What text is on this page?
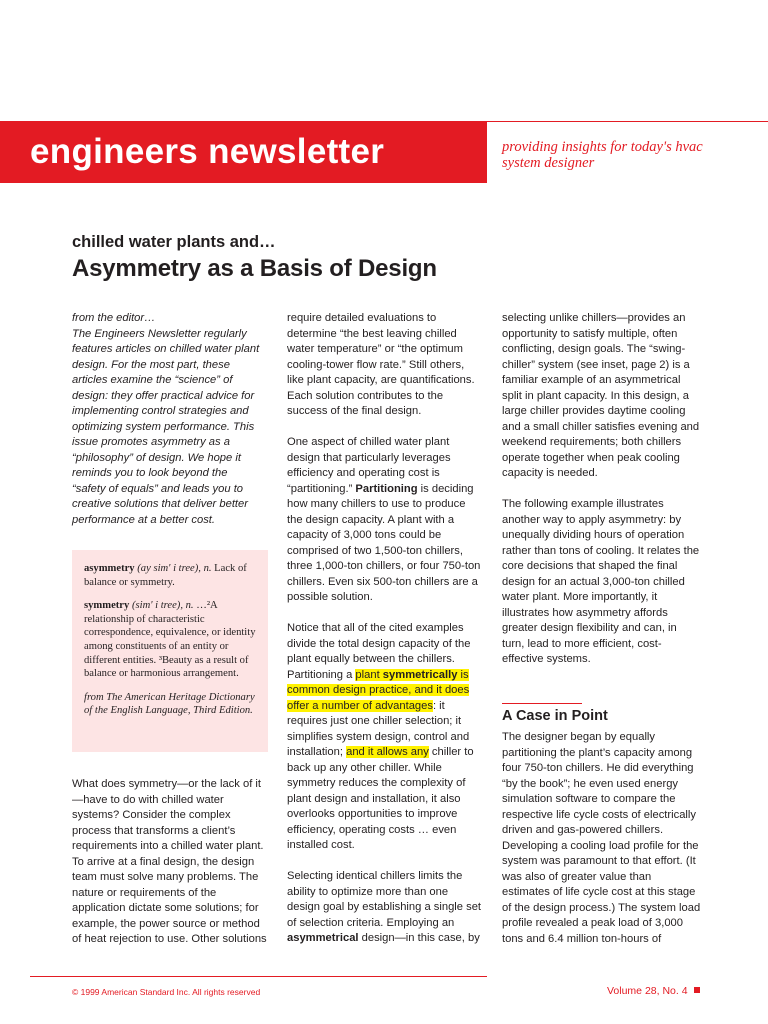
engineers newsletter	providing insights for today's hvac system designer
chilled water plants and…
Asymmetry as a Basis of Design
from the editor…
The Engineers Newsletter regularly features articles on chilled water plant design. For the most part, these articles examine the “science” of design: they offer practical advice for implementing control strategies and optimizing system performance. This issue promotes asymmetry as a “philosophy” of design. We hope it reminds you to look beyond the “safety of equals” and leads you to creative solutions that deliver better performance at a better cost.

asymmetry (ay sim' i tree), n. Lack of balance or symmetry.

symmetry (sim' i tree), n. …²A relationship of characteristic correspondence, equivalence, or identity among constituents of an entity or different entities. ³Beauty as a result of balance or harmonious arrangement.

from The American Heritage Dictionary of the English Language, Third Edition.

What does symmetry—or the lack of it—have to do with chilled water systems? Consider the complex process that transforms a client’s requirements into a chilled water plant. To arrive at a final design, the design team must solve many problems. The nature or requirements of the application dictate some solutions; for example, the power source or method of heat rejection to use. Other solutions

require detailed evaluations to determine “the best leaving chilled water temperature” or “the optimum cooling-tower flow rate.” Still others, like plant capacity, are quantifications. Each solution contributes to the success of the final design.

One aspect of chilled water plant design that particularly leverages efficiency and operating cost is “partitioning.” Partitioning is deciding how many chillers to use to produce the design capacity. A plant with a capacity of 3,000 tons could be comprised of two 1,500-ton chillers, three 1,000-ton chillers, or four 750-ton chillers. Even six 500-ton chillers are a possible solution.

Notice that all of the cited examples divide the total design capacity of the plant equally between the chillers. Partitioning a plant symmetrically is common design practice, and it does offer a number of advantages: it requires just one chiller selection; it simplifies system design, control and installation; and it allows any chiller to back up any other chiller. While symmetry reduces the complexity of plant design and installation, it also overlooks opportunities to improve efficiency, operating costs … even installed cost.

Selecting identical chillers limits the ability to optimize more than one design goal by establishing a single set of selection criteria. Employing an asymmetrical design—in this case, by

selecting unlike chillers—provides an opportunity to satisfy multiple, often conflicting, design goals. The “swing-chiller” system (see inset, page 2) is a familiar example of an asymmetrical split in plant capacity. In this design, a large chiller provides daytime cooling and a small chiller satisfies evening and weekend requirements; both chillers operate together when peak cooling capacity is needed.

The following example illustrates another way to apply asymmetry: by unequally dividing hours of operation rather than tons of cooling. It relates the core decisions that shaped the final design for an actual 3,000-ton chilled water plant. More importantly, it illustrates how asymmetry affords greater design flexibility and can, in turn, lead to more efficient, cost-effective systems.

A Case in Point
The designer began by equally partitioning the plant’s capacity among four 750-ton chillers. He did everything “by the book”; he even used energy simulation software to compare the respective life cycle costs of electrically driven and gas-powered chillers. Developing a cooling load profile for the system was paramount to that effort. (It was also of greater value than estimates of life cycle cost at this stage of the design process.) The system load profile revealed a peak load of 3,000 tons and 6.4 million ton-hours of
© 1999 American Standard Inc. All rights reserved	Volume 28, No. 4
